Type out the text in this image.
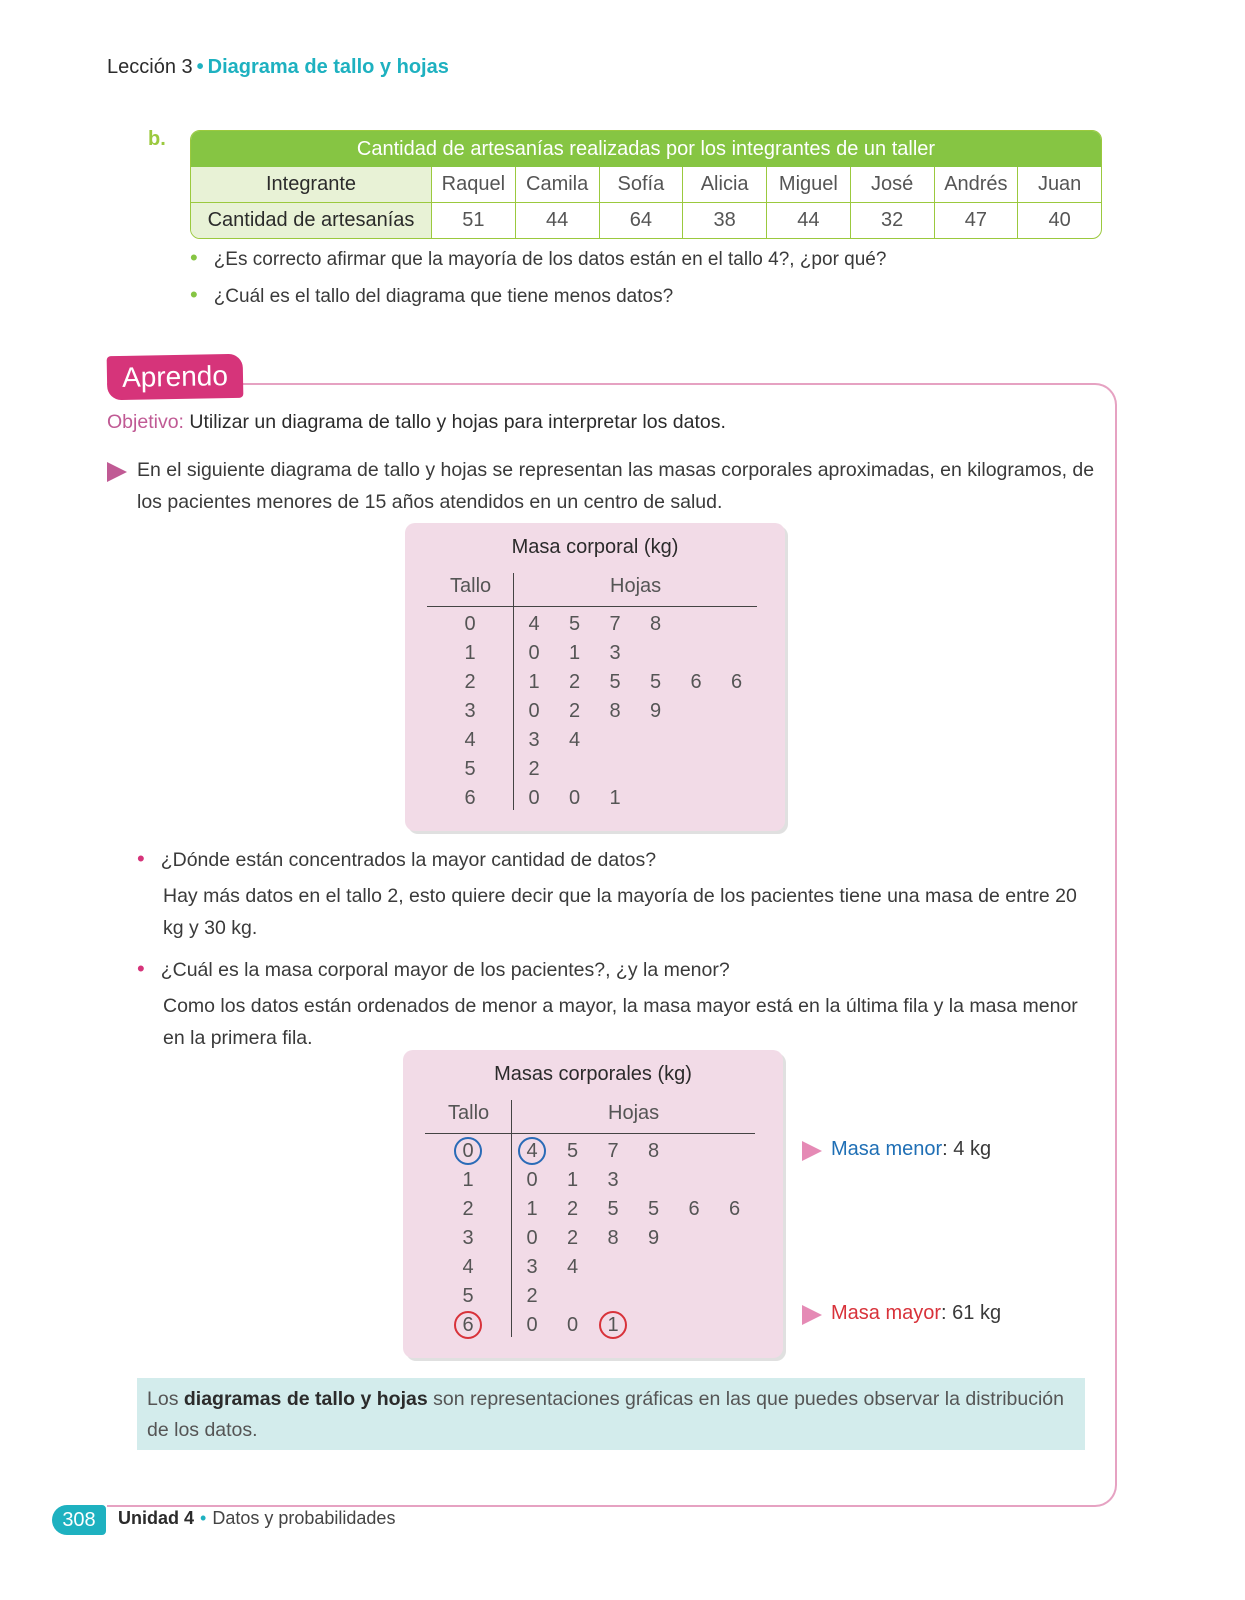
Lección 3 • Diagrama de tallo y hojas
b.	Cantidad de artesanías realizadas por los integrantes de un taller
Integrante	Raquel	Camila	Sofía	Alicia	Miguel	José	Andrés	Juan
Cantidad de artesanías	51	44	64	38	44	32	47	40
• ¿Es correcto afirmar que la mayoría de los datos están en el tallo 4?, ¿por qué?
• ¿Cuál es el tallo del diagrama que tiene menos datos?
Aprendo
Objetivo: Utilizar un diagrama de tallo y hojas para interpretar los datos.
En el siguiente diagrama de tallo y hojas se representan las masas corporales aproximadas, en kilogramos, de los pacientes menores de 15 años atendidos en un centro de salud.
Masa corporal (kg)
Tallo	Hojas
0	4	5	7	8
1	0	1	3
2	1	2	5	5	6	6
3	0	2	8	9
4	3	4
5	2
6	0	0	1
• ¿Dónde están concentrados la mayor cantidad de datos?
Hay más datos en el tallo 2, esto quiere decir que la mayoría de los pacientes tiene una masa de entre 20 kg y 30 kg.
• ¿Cuál es la masa corporal mayor de los pacientes?, ¿y la menor?
Como los datos están ordenados de menor a mayor, la masa mayor está en la última fila y la masa menor en la primera fila.
Masas corporales (kg)
Tallo	Hojas
0	4	5	7	8
1	0	1	3
2	1	2	5	5	6	6
3	0	2	8	9
4	3	4
5	2
6	0	0	1
Masa menor: 4 kg
Masa mayor: 61 kg
Los diagramas de tallo y hojas son representaciones gráficas en las que puedes observar la distribución de los datos.
308	Unidad 4 • Datos y probabilidades
